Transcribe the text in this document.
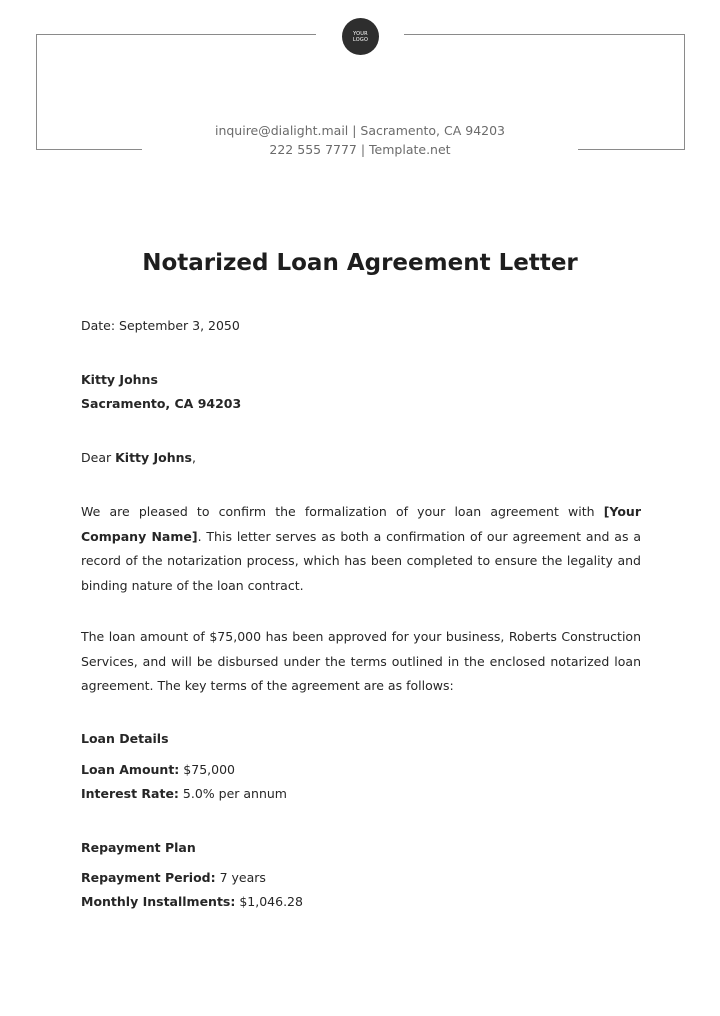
YOUR
LOGO
inquire@dialight.mail | Sacramento, CA 94203
222 555 7777 | Template.net
Notarized Loan Agreement Letter
Date: September 3, 2050
Kitty Johns
Sacramento, CA 94203
Dear Kitty Johns,
We are pleased to confirm the formalization of your loan agreement with [Your Company Name]. This letter serves as both a confirmation of our agreement and as a record of the notarization process, which has been completed to ensure the legality and binding nature of the loan contract.
The loan amount of $75,000 has been approved for your business, Roberts Construction Services, and will be disbursed under the terms outlined in the enclosed notarized loan agreement. The key terms of the agreement are as follows:
Loan Details
Loan Amount: $75,000
Interest Rate: 5.0% per annum
Repayment Plan
Repayment Period: 7 years
Monthly Installments: $1,046.28
